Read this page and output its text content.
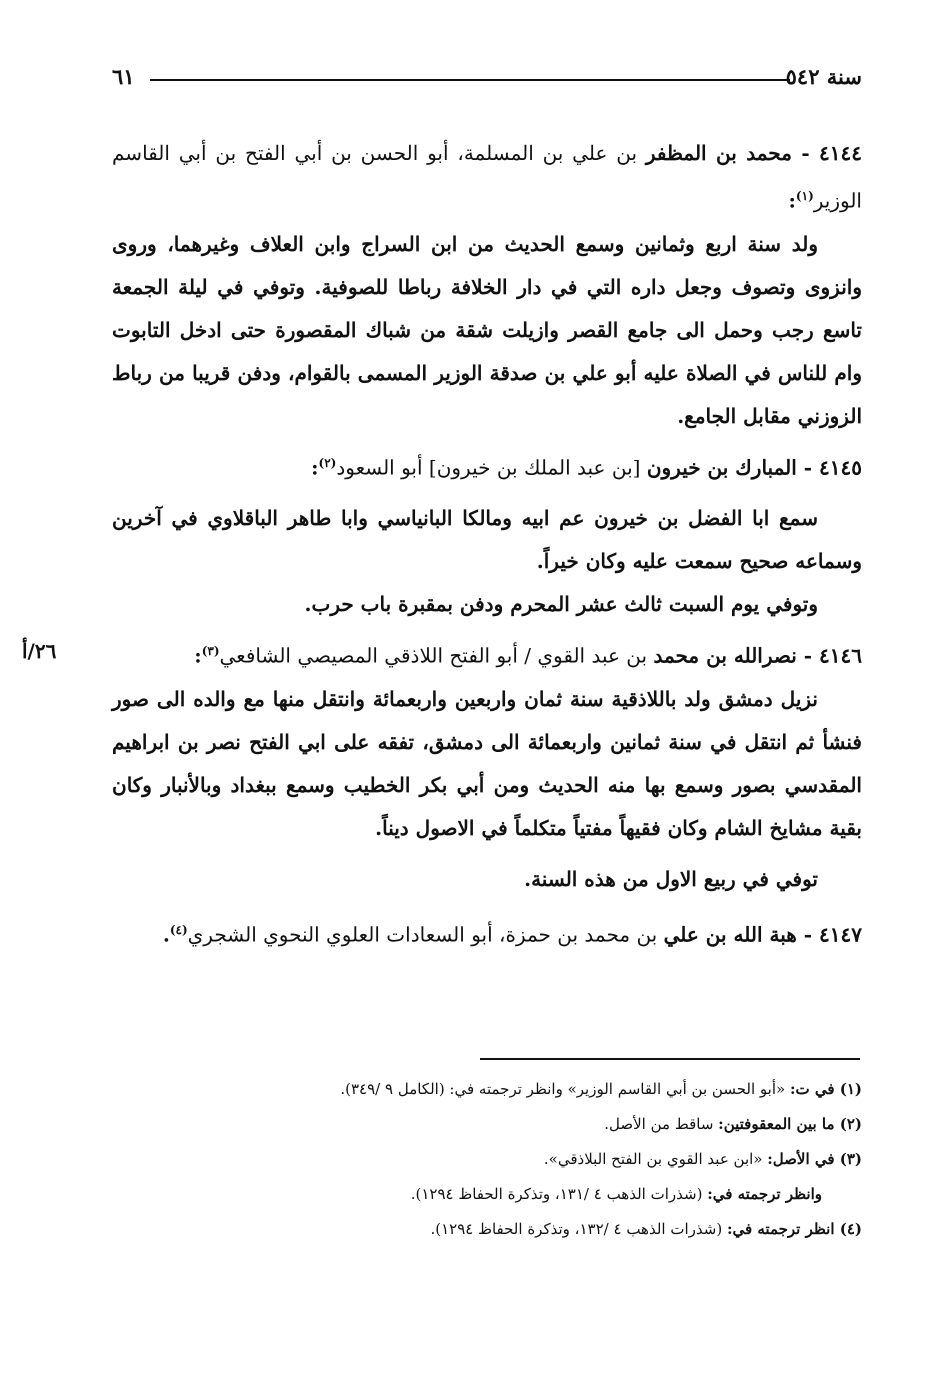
سنة ٥٤٢
٦١

٤١٤٤ - محمد بن المظفر بن علي بن المسلمة، أبو الحسن بن أبي الفتح بن أبي القاسم الوزير$^{(١)}$:

ولد سنة اربع وثمانين وسمع الحديث من ابن السراج وابن العلاف وغيرهما، وروى وانزوى وتصوف وجعل داره التي في دار الخلافة رباطا للصوفية. وتوفي في ليلة الجمعة تاسع رجب وحمل الى جامع القصر وازيلت شقة من شباك المقصورة حتى ادخل التابوت وام للناس في الصلاة عليه أبو علي بن صدقة الوزير المسمى بالقوام، ودفن قريبا من رباط الزوزني مقابل الجامع.

٤١٤٥ - المبارك بن خيرون [بن عبد الملك بن خيرون] أبو السعود$^{(٢)}$:

سمع ابا الفضل بن خيرون عم ابيه ومالكا البانياسي وابا طاهر الباقلاوي في آخرين وسماعه صحيح سمعت عليه وكان خيراً.

وتوفي يوم السبت ثالث عشر المحرم ودفن بمقبرة باب حرب.

٢٦/أ	٤١٤٦ - نصرالله بن محمد بن عبد القوي / أبو الفتح اللاذقي المصيصي الشافعي$^{(٣)}$:

نزيل دمشق ولد باللاذقية سنة ثمان واربعين واربعمائة وانتقل منها مع والده الى صور فنشأ ثم انتقل في سنة ثمانين واربعمائة الى دمشق، تفقه على ابي الفتح نصر بن ابراهيم المقدسي بصور وسمع بها منه الحديث ومن أبي بكر الخطيب وسمع ببغداد وبالأنبار وكان بقية مشايخ الشام وكان فقيهاً مفتياً متكلماً في الاصول ديناً.

توفي في ربيع الاول من هذه السنة.

٤١٤٧ - هبة الله بن علي بن محمد بن حمزة، أبو السعادات العلوي النحوي الشجري$^{(٤)}$.

(١) في ت: «أبو الحسن بن أبي القاسم الوزير» وانظر ترجمته في: (الكامل ٩ /٣٤٩).

(٢) ما بين المعقوفتين: ساقط من الأصل.

(٣) في الأصل: «ابن عبد القوي بن الفتح البلاذقي».

وانظر ترجمته في: (شذرات الذهب ٤ /١٣١، وتذكرة الحفاظ ١٢٩٤).

(٤) انظر ترجمته في: (شذرات الذهب ٤ /١٣٢، وتذكرة الحفاظ ١٢٩٤).
